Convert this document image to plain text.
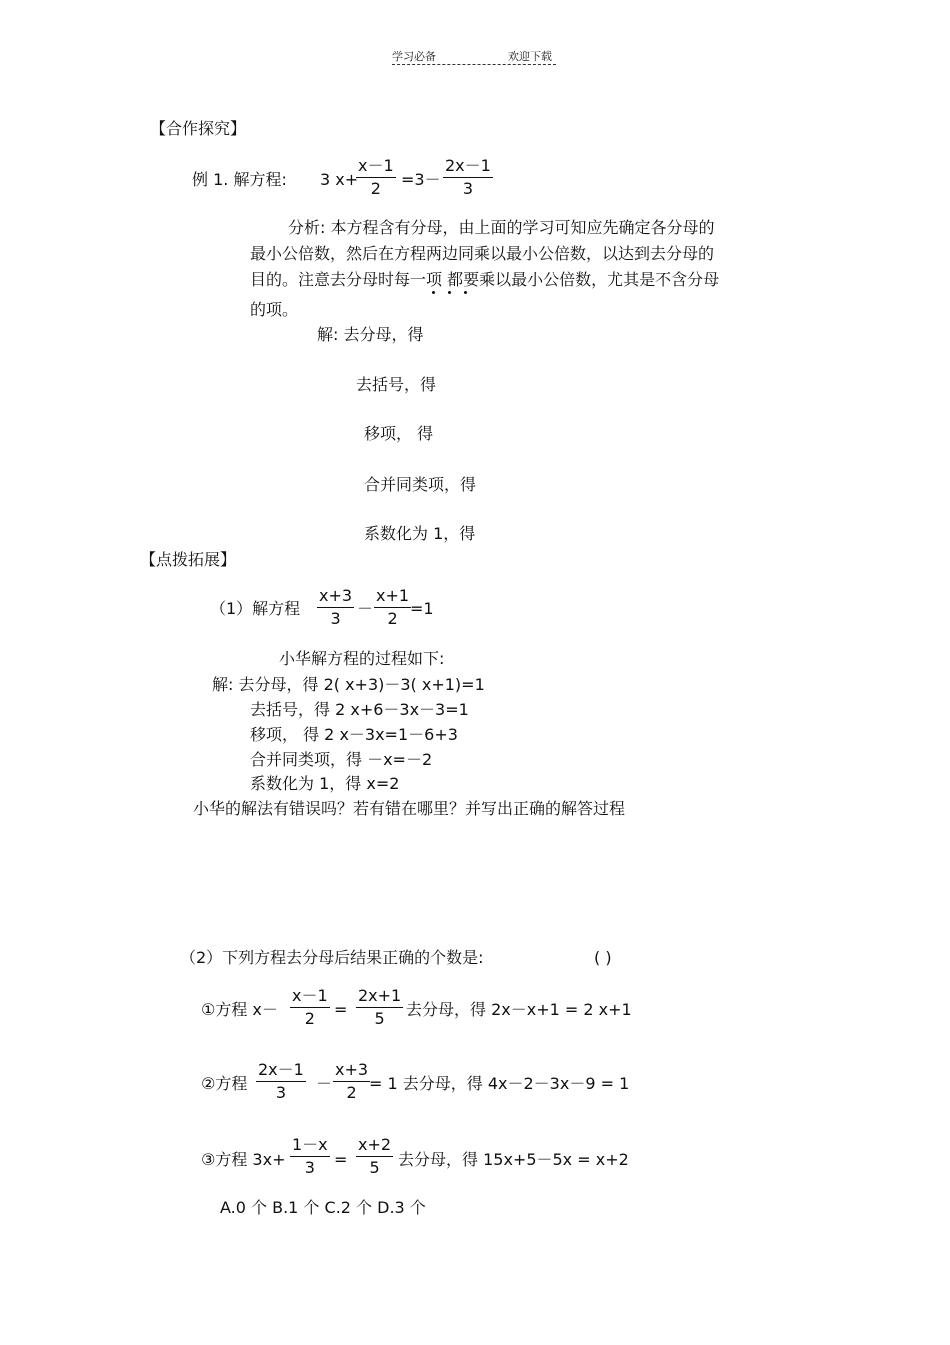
学习必备	欢迎下载
【合作探究】
例 1. 解方程: 3 x+
$\frac{x-1}{2} =3- \frac{2x-1}{3}$
分析: 本方程含有分母，由上面的学习可知应先确定各分母的
最小公倍数，然后在方程两边同乘以最小公倍数，以达到去分母的
目的。注意去分母时每一项 都要乘以最小公倍数，尤其是不含分母
的项。
解: 去分母，得
去括号，得
移项， 得
合并同类项，得
系数化为 1，得
【点拨拓展】
（1）解方程 $\frac{x+3}{3} - \frac{x+1}{2}$
=1
小华解方程的过程如下:
解: 去分母，得 2( x+3)－3( x+1)=1
去括号，得 2 x+6－3x－3=1
移项， 得 2 x－3x=1－6+3
合并同类项，得 －x=－2
系数化为 1，得 x=2
小华的解法有错误吗？若有错在哪里？并写出正确的解答过程
（2）下列方程去分母后结果正确的个数是:	( )
①方程 $x- \frac{x-1}{2} = \frac{2x+1}{5}$ 去分母，得 2x－x+1 = 2 x+1
②方程 $\frac{2x-1}{3} - \frac{x+3}{2}$
= 1 去分母，得 4x－2－3x－9 = 1
③方程 $3x+ \frac{1-x}{3} = \frac{x+2}{5}$ 去分母，得 15x+5－5x = x+2
A.0 个 B.1 个 C.2 个 D.3 个
